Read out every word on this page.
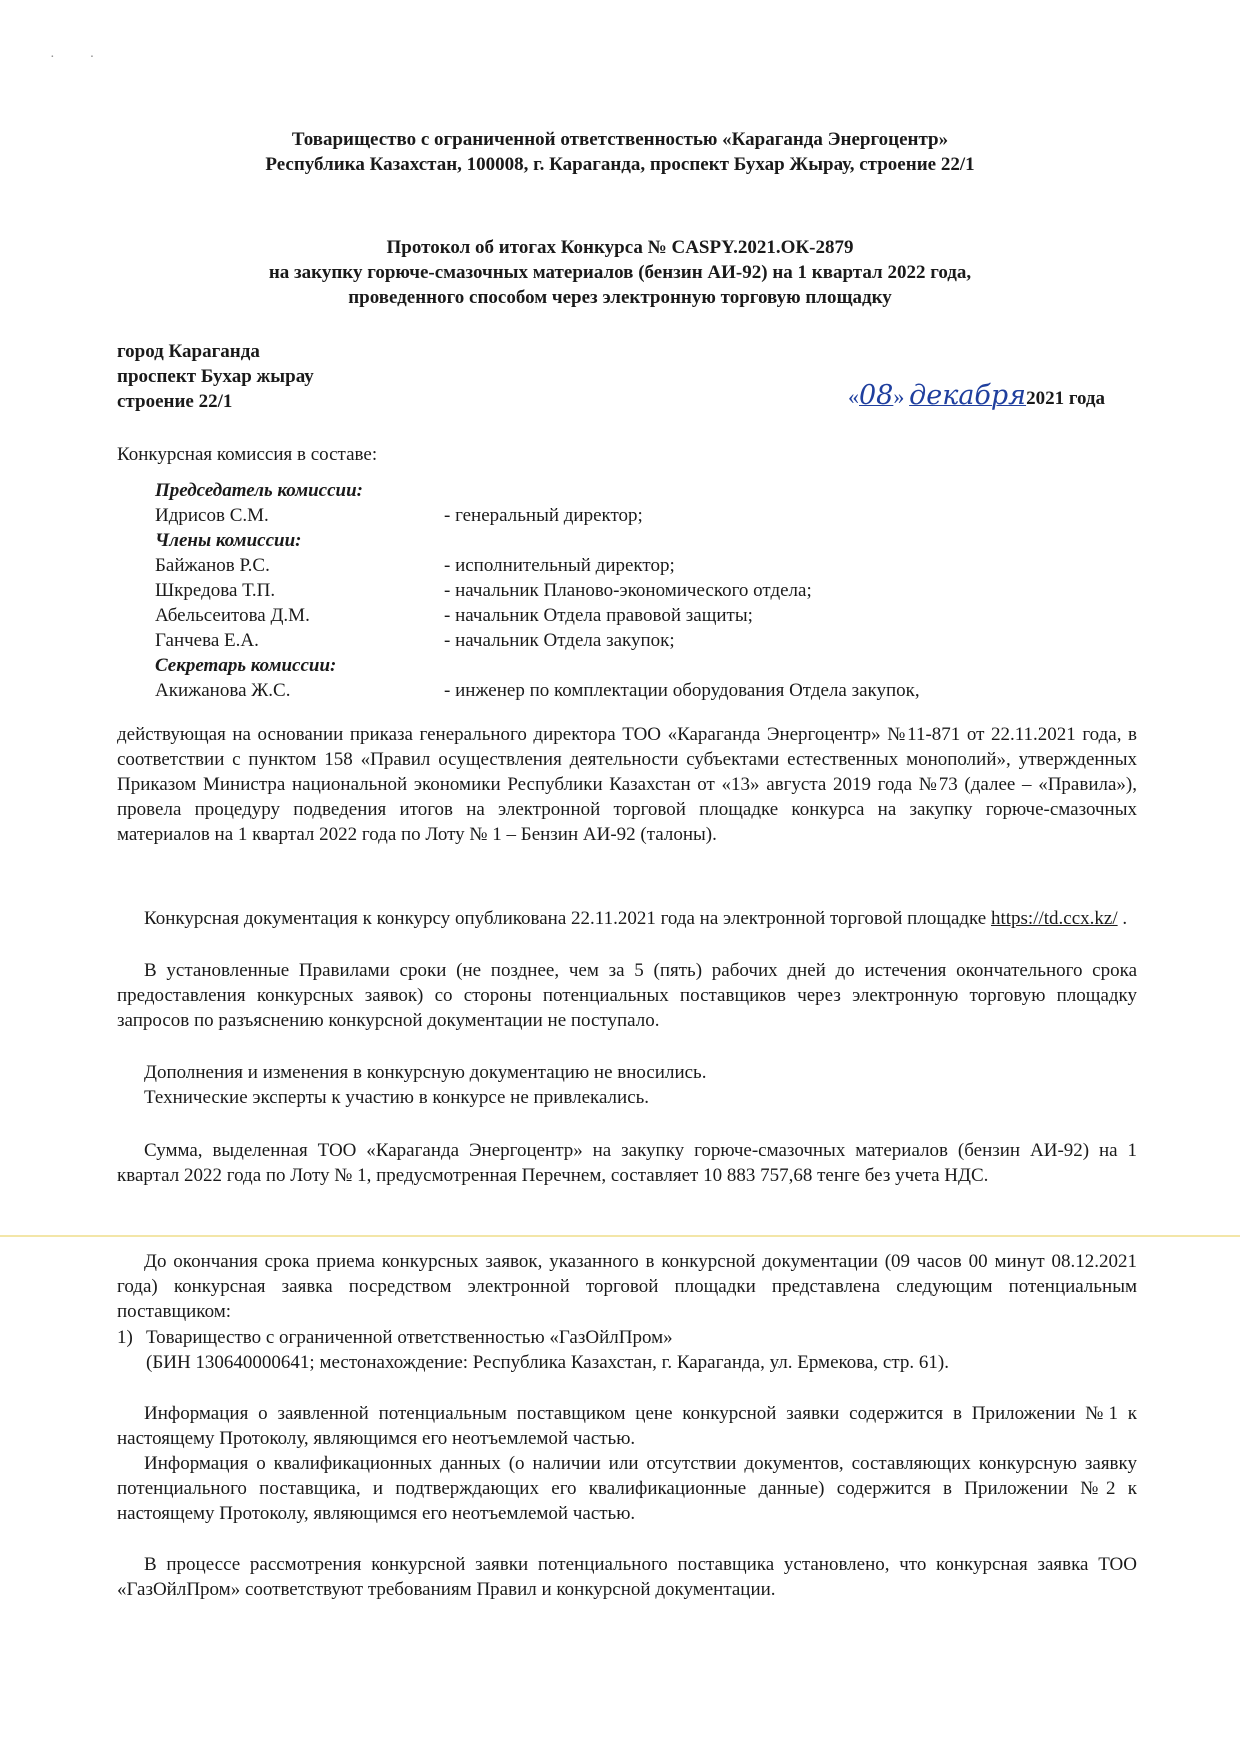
·          ·
Товарищество с ограниченной ответственностью «Караганда Энергоцентр»
Республика Казахстан, 100008, г. Караганда, проспект Бухар Жырау, строение 22/1
Протокол об итогах Конкурса № CASPY.2021.ОК-2879
на закупку горюче-смазочных материалов (бензин АИ-92) на 1 квартал 2022 года,
проведенного способом через электронную торговую площадку
город Караганда
проспект Бухар жырау
строение 22/1	«08» декабря2021 года
Конкурсная комиссия в составе:
Председатель комиссии:
Идрисов С.М.	- генеральный директор;
Члены комиссии:
Байжанов Р.С.	- исполнительный директор;
Шкредова Т.П.	- начальник Планово-экономического отдела;
Абельсеитова Д.М.	- начальник Отдела правовой защиты;
Ганчева Е.А.	- начальник Отдела закупок;
Секретарь комиссии:
Акижанова Ж.С.	- инженер по комплектации оборудования Отдела закупок,

действующая на основании приказа генерального директора ТОО «Караганда Энергоцентр» №11-871 от 22.11.2021 года, в соответствии с пунктом 158 «Правил осуществления деятельности субъектами естественных монополий», утвержденных Приказом Министра национальной экономики Республики Казахстан от «13» августа 2019 года №73 (далее – «Правила»), провела процедуру подведения итогов на электронной торговой площадке конкурса на закупку горюче-смазочных материалов на 1 квартал 2022 года по Лоту № 1 – Бензин АИ-92 (талоны).

Конкурсная документация к конкурсу опубликована 22.11.2021 года на электронной торговой площадке https://td.ccx.kz/ .

В установленные Правилами сроки (не позднее, чем за 5 (пять) рабочих дней до истечения окончательного срока предоставления конкурсных заявок) со стороны потенциальных поставщиков через электронную торговую площадку запросов по разъяснению конкурсной документации не поступало.

Дополнения и изменения в конкурсную документацию не вносились.

Технические эксперты к участию в конкурсе не привлекались.

Сумма, выделенная ТОО «Караганда Энергоцентр» на закупку горюче-смазочных материалов (бензин АИ-92) на 1 квартал 2022 года по Лоту № 1, предусмотренная Перечнем, составляет 10 883 757,68 тенге без учета НДС.

До окончания срока приема конкурсных заявок, указанного в конкурсной документации (09 часов 00 минут 08.12.2021 года) конкурсная заявка посредством электронной торговой площадки представлена следующим потенциальным поставщиком:

1) Товарищество с ограниченной ответственностью «ГазОйлПром»
(БИН 130640000641; местонахождение: Республика Казахстан, г. Караганда, ул. Ермекова, стр. 61).

Информация о заявленной потенциальным поставщиком цене конкурсной заявки содержится в Приложении №1 к настоящему Протоколу, являющимся его неотъемлемой частью.

Информация о квалификационных данных (о наличии или отсутствии документов, составляющих конкурсную заявку потенциального поставщика, и подтверждающих его квалификационные данные) содержится в Приложении №2 к настоящему Протоколу, являющимся его неотъемлемой частью.

В процессе рассмотрения конкурсной заявки потенциального поставщика установлено, что конкурсная заявка ТОО «ГазОйлПром» соответствуют требованиям Правил и конкурсной документации.
